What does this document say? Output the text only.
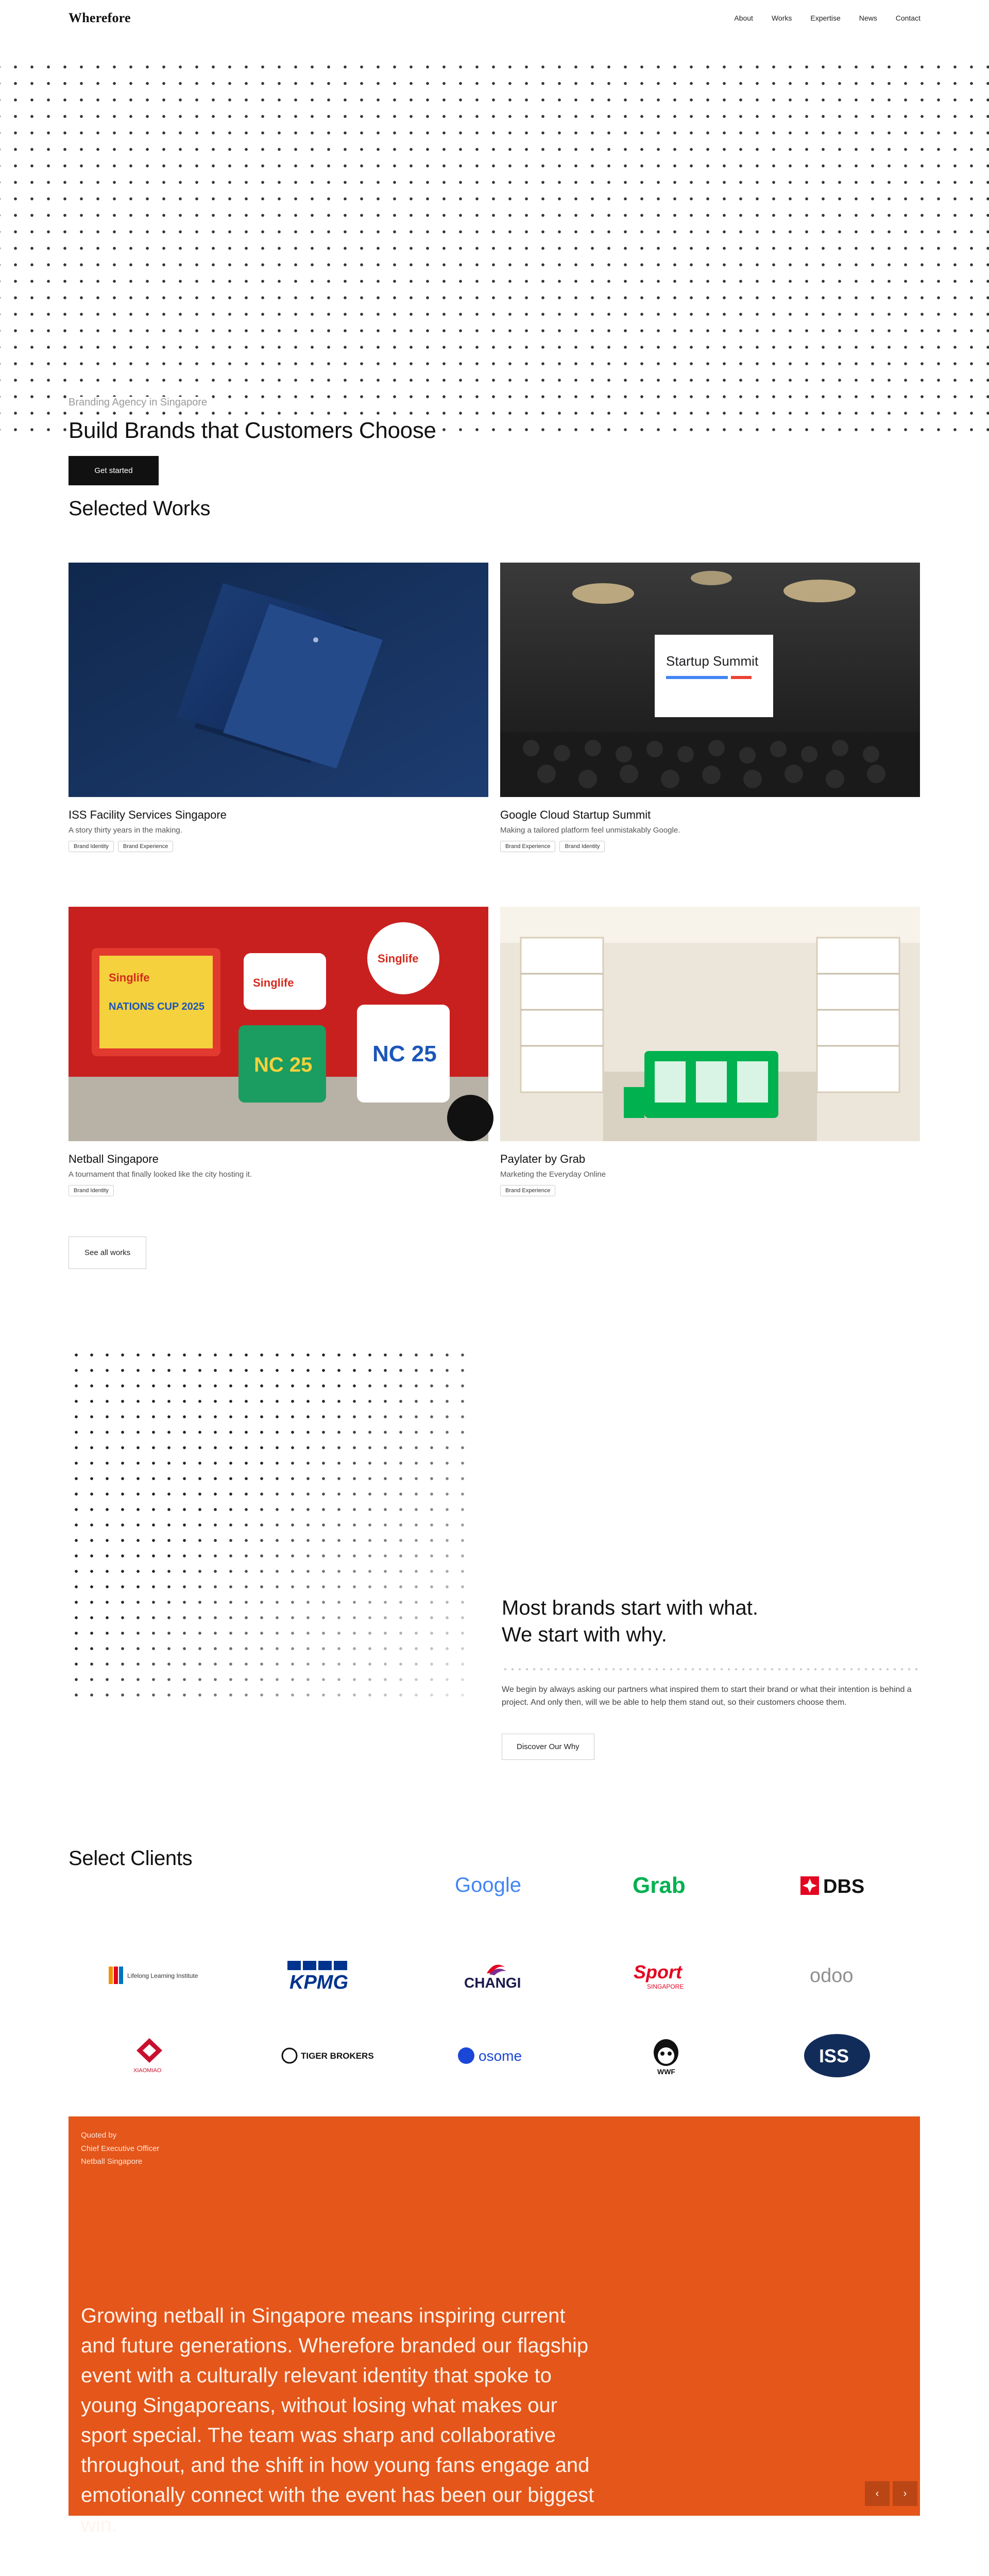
Wherefore	About	Works	Expertise	News	Contact
Branding Agency in Singapore
Build Brands that Customers Choose
Get started
Selected Works
ISS Facility Services Singapore
A story thirty years in the making.
Brand Identity	Brand Experience
Startup Summit
Google Cloud Startup Summit
Making a tailored platform feel unmistakably Google.
Brand Experience	Brand Identity
Singlife
NATIONS CUP 2025
Singlife
NC 25
Singlife
NC 25
Netball Singapore
A tournament that finally looked like the city hosting it.
Brand Identity
Paylater by Grab
Marketing the Everyday Online
Brand Experience
See all works
Most brands start with what.
We start with why.

We begin by always asking our partners what inspired them to start their brand or what their intention is behind a project. And only then, will we be able to help them stand out, so their customers choose them.

Discover Our Why
Select Clients
Google	Grab	DBS
Lifelong Learning Institute	KPMG	CHANGI
Sport
SINGAPORE	odoo
XIAOMIAO
TIGER BROKERS	osome
WWF
ISS
Quoted by
Chief Executive Officer
Netball Singapore

Growing netball in Singapore means inspiring current and future generations. Wherefore branded our flagship event with a culturally relevant identity that spoke to young Singaporeans, without losing what makes our sport special. The team was sharp and collaborative throughout, and the shift in how young fans engage and emotionally connect with the event has been our biggest win.

‹ ›
